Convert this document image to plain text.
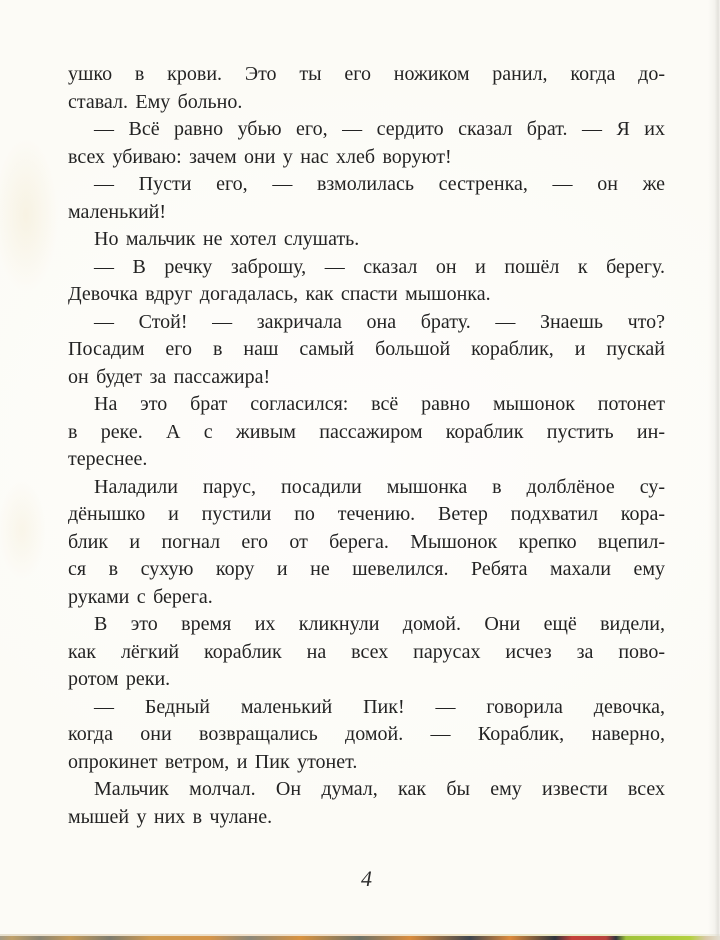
ушко в крови. Это ты его ножиком ранил, когда до-
ставал. Ему больно.
— Всё равно убью его, — сердито сказал брат. — Я их
всех убиваю: зачем они у нас хлеб воруют!
— Пусти его, — взмолилась сестренка, — он же
маленький!
Но мальчик не хотел слушать.
— В речку заброшу, — сказал он и пошёл к берегу.
Девочка вдруг догадалась, как спасти мышонка.
— Стой! — закричала она брату. — Знаешь что?
Посадим его в наш самый большой кораблик, и пускай
он будет за пассажира!
На это брат согласился: всё равно мышонок потонет
в реке. А с живым пассажиром кораблик пустить ин-
тереснее.
Наладили парус, посадили мышонка в долблёное су-
дёнышко и пустили по течению. Ветер подхватил кора-
блик и погнал его от берега. Мышонок крепко вцепил-
ся в сухую кору и не шевелился. Ребята махали ему
руками с берега.
В это время их кликнули домой. Они ещё видели,
как лёгкий кораблик на всех парусах исчез за пово-
ротом реки.
— Бедный маленький Пик! — говорила девочка,
когда они возвращались домой. — Кораблик, наверно,
опрокинет ветром, и Пик утонет.
Мальчик молчал. Он думал, как бы ему извести всех
мышей у них в чулане.
4
